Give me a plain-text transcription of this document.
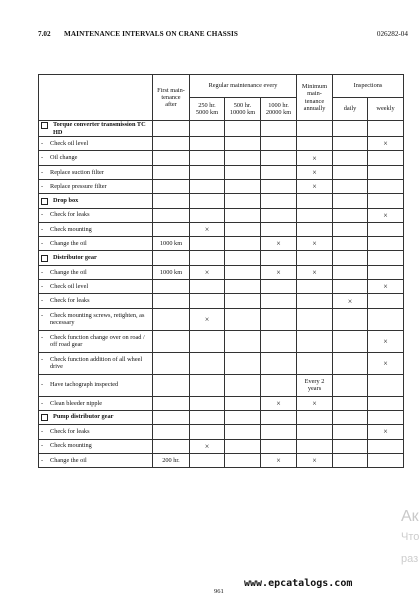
7.02 MAINTENANCE INTERVALS ON CRANE CHASSIS	026282-04
	First main-tenance after	Regular maintenance every			Minimum main-tenance annually	Inspections	
		250 hr. 5000 km	500 hr. 10000 km	1000 hr. 20000 km		daily	weekly

Torque converter transmission TC HD							

- Check oil level							×

- Oil change					×		

- Replace suction filter					×		

- Replace pressure filter					×		

Drop box							

- Check for leaks							×

- Check mounting		×					

- Change the oil	1000 km			×	×		

Distributor gear							

- Change the oil	1000 km	×		×	×		

- Check oil level							×

- Check for leaks						×	

- Check mounting screws, retighten, as necessary		×					

- Check function change over on road / off road gear							×

- Check function addition of all wheel drive							×

- Have tachograph inspected					Every 2 years		

- Clean bleeder nipple				×	×		

Pump distributor gear							

- Check for leaks							×

- Check mounting		×					

- Change the oil	200 hr.			×	×		
Ак
Что
раз
www.epcatalogs.com
961
